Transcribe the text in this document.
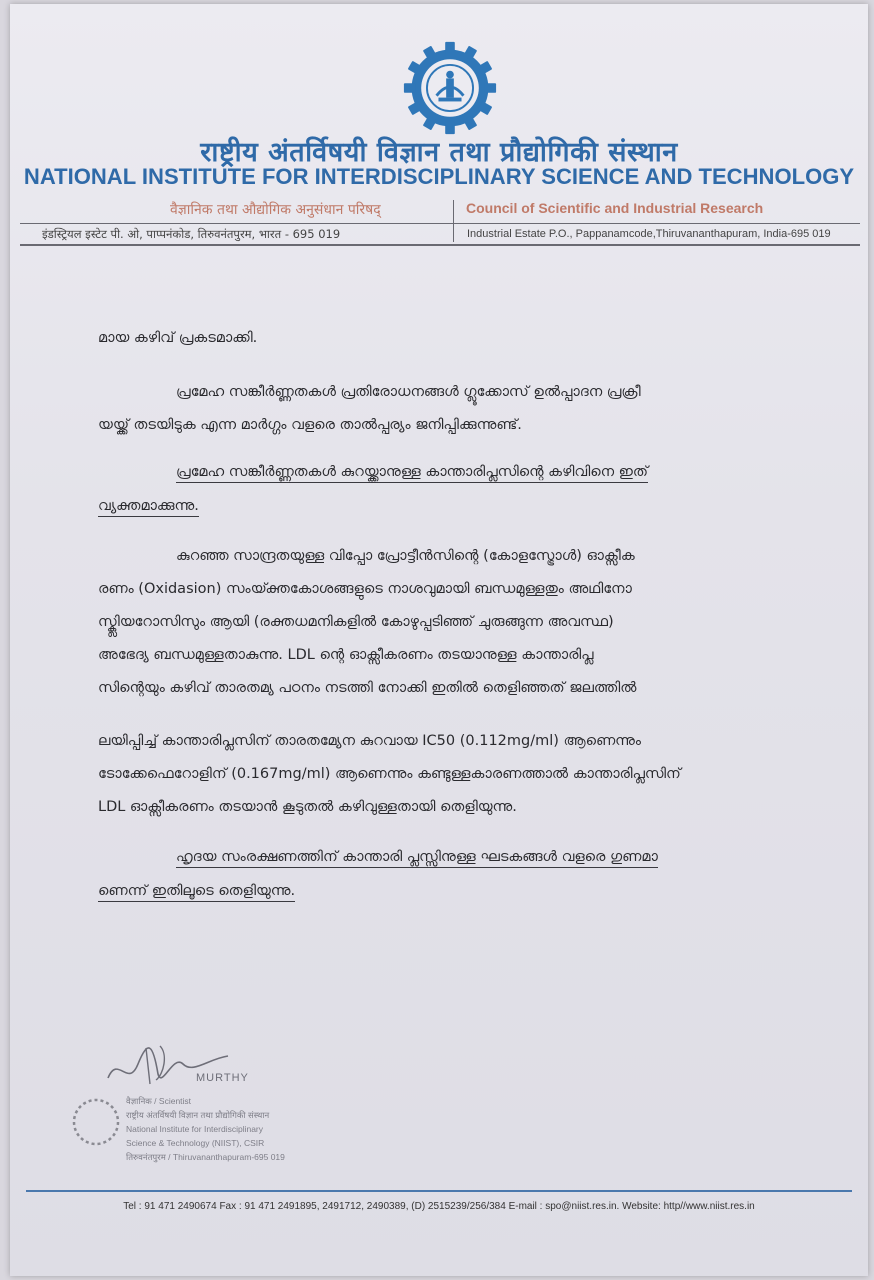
राष्ट्रीय अंतर्विषयी विज्ञान तथा प्रौद्योगिकी संस्थान
NATIONAL INSTITUTE FOR INTERDISCIPLINARY SCIENCE AND TECHNOLOGY
वैज्ञानिक तथा औद्योगिक अनुसंधान परिषद्	Council of Scientific and Industrial Research
इंडस्ट्रियल इस्टेट पी. ओ, पाप्पनंकोड, तिरुवनंतपुरम, भारत - 695 019	Industrial Estate P.O., Pappanamcode,Thiruvananthapuram, India-695 019
മായ കഴിവ് പ്രകടമാക്കി.
പ്രമേഹ സങ്കീർണ്ണതകൾ പ്രതിരോധനങ്ങൾ ഗ്ലൂക്കോസ് ഉൽപ്പാദന പ്രക്രീ
യയ്ക്ക് തടയിടുക എന്ന മാർഗ്ഗം വളരെ താൽപ്പര്യം ജനിപ്പിക്കുന്നുണ്ട്.
പ്രമേഹ സങ്കീർണ്ണതകൾ കുറയ്ക്കാനുള്ള കാന്താരിപ്ലസിന്റെ കഴിവിനെ ഇത്
വ്യക്തമാക്കുന്നു.
കുറഞ്ഞ സാന്ദ്രതയുള്ള വിപ്പോ പ്രോട്ടീൻസിന്റെ (കോളസ്ട്രോൾ) ഓക്സീക
രണം (Oxidasion) സംയ്ക്തകോശങ്ങളുടെ നാശവുമായി ബന്ധമുള്ളതും അഥിനോ
സ്ക്ലിയറോസിസും ആയി (രക്തധമനികളിൽ കോഴുപ്പടിഞ്ഞ് ചുരുങ്ങുന്ന അവസ്ഥ)
അഭേദ്യ ബന്ധമുള്ളതാകുന്നു. LDL ന്റെ ഓക്സീകരണം തടയാനുള്ള കാന്താരിപ്ല
സിന്റെയും കഴിവ് താരതമ്യ പഠനം നടത്തി നോക്കി ഇതിൽ തെളിഞ്ഞത് ജലത്തിൽ
ലയിപ്പിച്ച് കാന്താരിപ്ലസിന് താരതമ്യേന കുറവായ IC50 (0.112mg/ml) ആണെന്നും
ടോക്കേഫെറോളിന് (0.167mg/ml) ആണെന്നും കണ്ടുള്ളകാരണത്താൽ കാന്താരിപ്ലസിന്
LDL ഓക്സീകരണം തടയാൻ കൂടുതൽ കഴിവുള്ളതായി തെളിയുന്നു.
ഹൃദയ സംരക്ഷണത്തിന് കാന്താരി പ്ലസ്സിനുള്ള ഘടകങ്ങൾ വളരെ ഗുണമാ
ണെന്ന് ഇതിലൂടെ തെളിയുന്നു.
MURTHY
वैज्ञानिक / Scientist
राष्ट्रीय अंतर्विषयी विज्ञान तथा प्रौद्योगिकी संस्थान
National Institute for Interdisciplinary
Science & Technology (NIIST), CSIR
तिरुवनंतपुरम / Thiruvananthapuram-695 019
Tel : 91 471 2490674 Fax : 91 471 2491895, 2491712, 2490389, (D) 2515239/256/384 E-mail : spo@niist.res.in. Website: http//www.niist.res.in
